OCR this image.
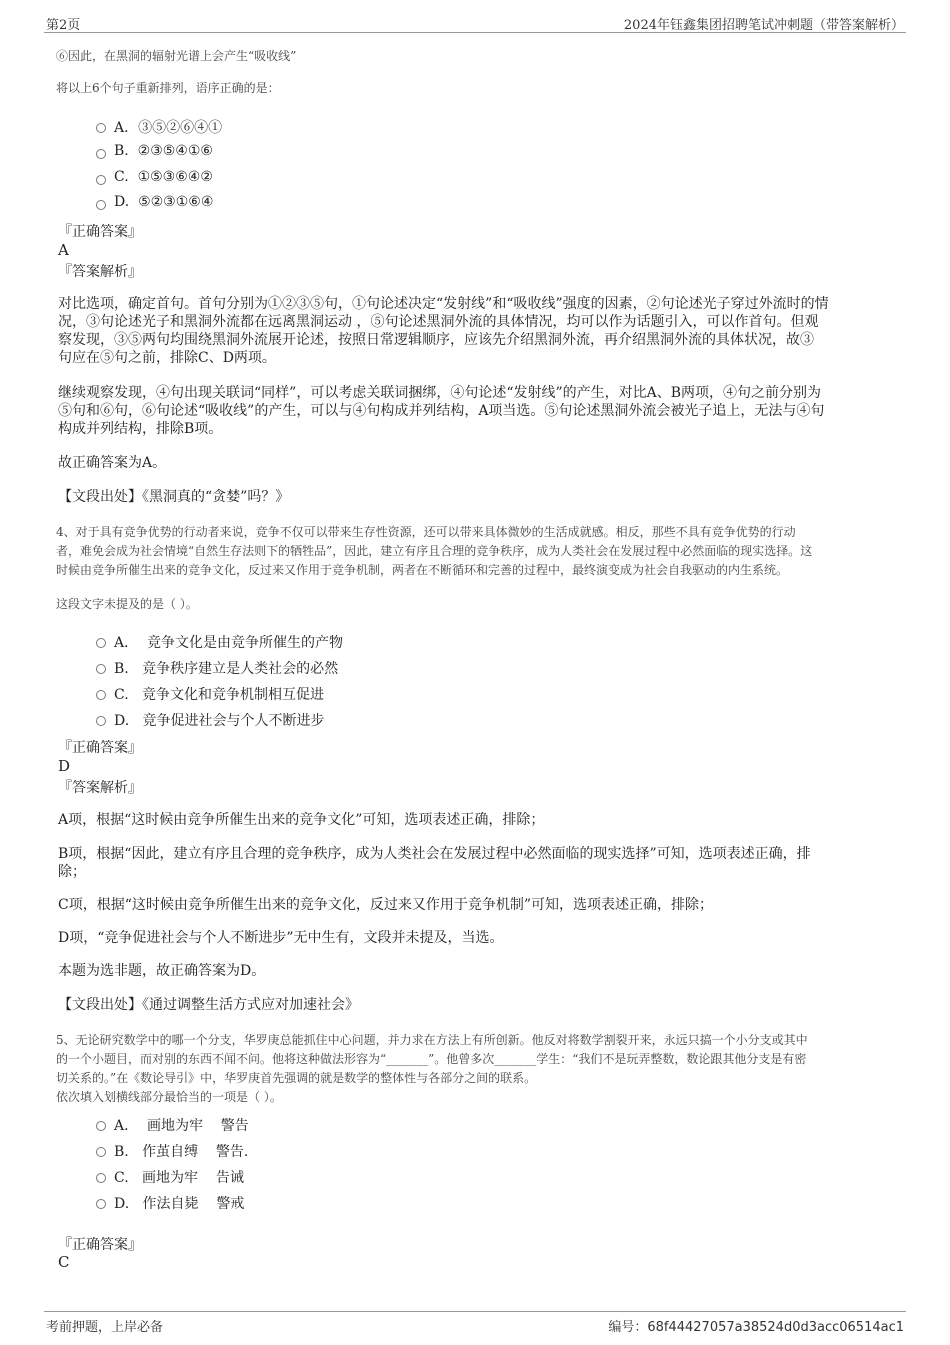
第2页	2024年钰鑫集团招聘笔试冲刺题（带答案解析）
⑥因此，在黑洞的辐射光谱上会产生“吸收线”
将以上6个句子重新排列，语序正确的是：
A．③⑤②⑥④①
B.  ②③⑤④①⑥
C.  ①⑤③⑥④②
D.  ⑤②③①⑥④
『正确答案』
A
『答案解析』
对比选项，确定首句。首句分别为①②③⑤句，①句论述决定“发射线”和“吸收线”强度的因素，②句论述光子穿过外流时的情
况，③句论述光子和黑洞外流都在远离黑洞运动 ，⑤句论述黑洞外流的具体情况，均可以作为话题引入，可以作首句。但观
察发现，③⑤两句均围绕黑洞外流展开论述，按照日常逻辑顺序，应该先介绍黑洞外流，再介绍黑洞外流的具体状况，故③
句应在⑤句之前，排除C、D两项。
继续观察发现，④句出现关联词“同样”，可以考虑关联词捆绑，④句论述“发射线”的产生，对比A、B两项，④句之前分别为
⑤句和⑥句，⑥句论述“吸收线”的产生，可以与④句构成并列结构，A项当选。⑤句论述黑洞外流会被光子追上，无法与④句
构成并列结构，排除B项。
故正确答案为A。
【文段出处】《黑洞真的“贪婪”吗？》
4、对于具有竞争优势的行动者来说，竞争不仅可以带来生存性资源，还可以带来具体微妙的生活成就感。相反，那些不具有竞争优势的行动
者，难免会成为社会情境“自然生存法则下的牺牲品”，因此，建立有序且合理的竞争秩序，成为人类社会在发展过程中必然面临的现实选择。这
时候由竞争所催生出来的竞争文化，反过来又作用于竞争机制，两者在不断循环和完善的过程中，最终演变成为社会自我驱动的内生系统。
这段文字未提及的是（ ）。
A．  竞争文化是由竞争所催生的产物
B.   竞争秩序建立是人类社会的必然
C.   竞争文化和竞争机制相互促进
D.   竞争促进社会与个人不断进步
『正确答案』
D
『答案解析』
A项，根据“这时候由竞争所催生出来的竞争文化”可知，选项表述正确，排除；
B项，根据“因此，建立有序且合理的竞争秩序，成为人类社会在发展过程中必然面临的现实选择”可知，选项表述正确，排
除；
C项，根据“这时候由竞争所催生出来的竞争文化，反过来又作用于竞争机制”可知，选项表述正确，排除；
D项，“竞争促进社会与个人不断进步”无中生有，文段并未提及，当选。
本题为选非题，故正确答案为D。
【文段出处】《通过调整生活方式应对加速社会》
5、无论研究数学中的哪一个分支，华罗庚总能抓住中心问题，并力求在方法上有所创新。他反对将数学割裂开来，永远只搞一个小分支或其中
的一个小题目，而对别的东西不闻不问。他将这种做法形容为“_______”。他曾多次_______学生：“我们不是玩弄整数，数论跟其他分支是有密
切关系的。”在《数论导引》中，华罗庚首先强调的就是数学的整体性与各部分之间的联系。
依次填入划横线部分最恰当的一项是（ ）。
A．  画地为牢    警告
B.   作茧自缚    警告.
C.   画地为牢    告诫
D.   作法自毙    警戒
『正确答案』
C
考前押题，上岸必备	编号：68f44427057a38524d0d3acc06514ac1
